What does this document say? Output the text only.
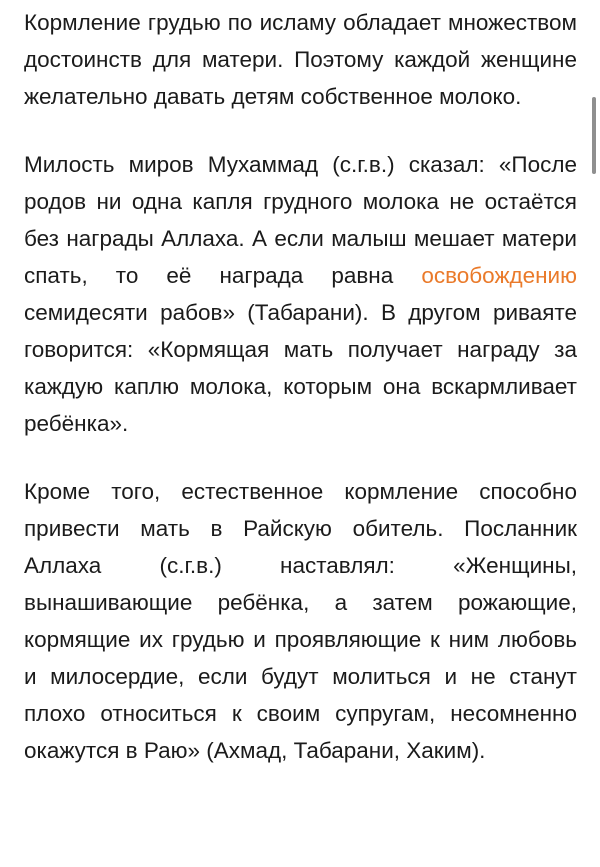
Кормление грудью по исламу обладает множеством достоинств для матери. Поэтому каждой женщине желательно давать детям собственное молоко.

Милость миров Мухаммад (с.г.в.) сказал: «После родов ни одна капля грудного молока не остаётся без награды Аллаха. А если малыш мешает матери спать, то её награда равна освобождению семидесяти рабов» (Табарани). В другом риваяте говорится: «Кормящая мать получает награду за каждую каплю молока, которым она вскармливает ребёнка».

Кроме того, естественное кормление способно привести мать в Райскую обитель. Посланник Аллаха (с.г.в.) наставлял: «Женщины, вынашивающие ребёнка, а затем рожающие, кормящие их грудью и проявляющие к ним любовь и милосердие, если будут молиться и не станут плохо относиться к своим супругам, несомненно окажутся в Раю» (Ахмад, Табарани, Хаким).
